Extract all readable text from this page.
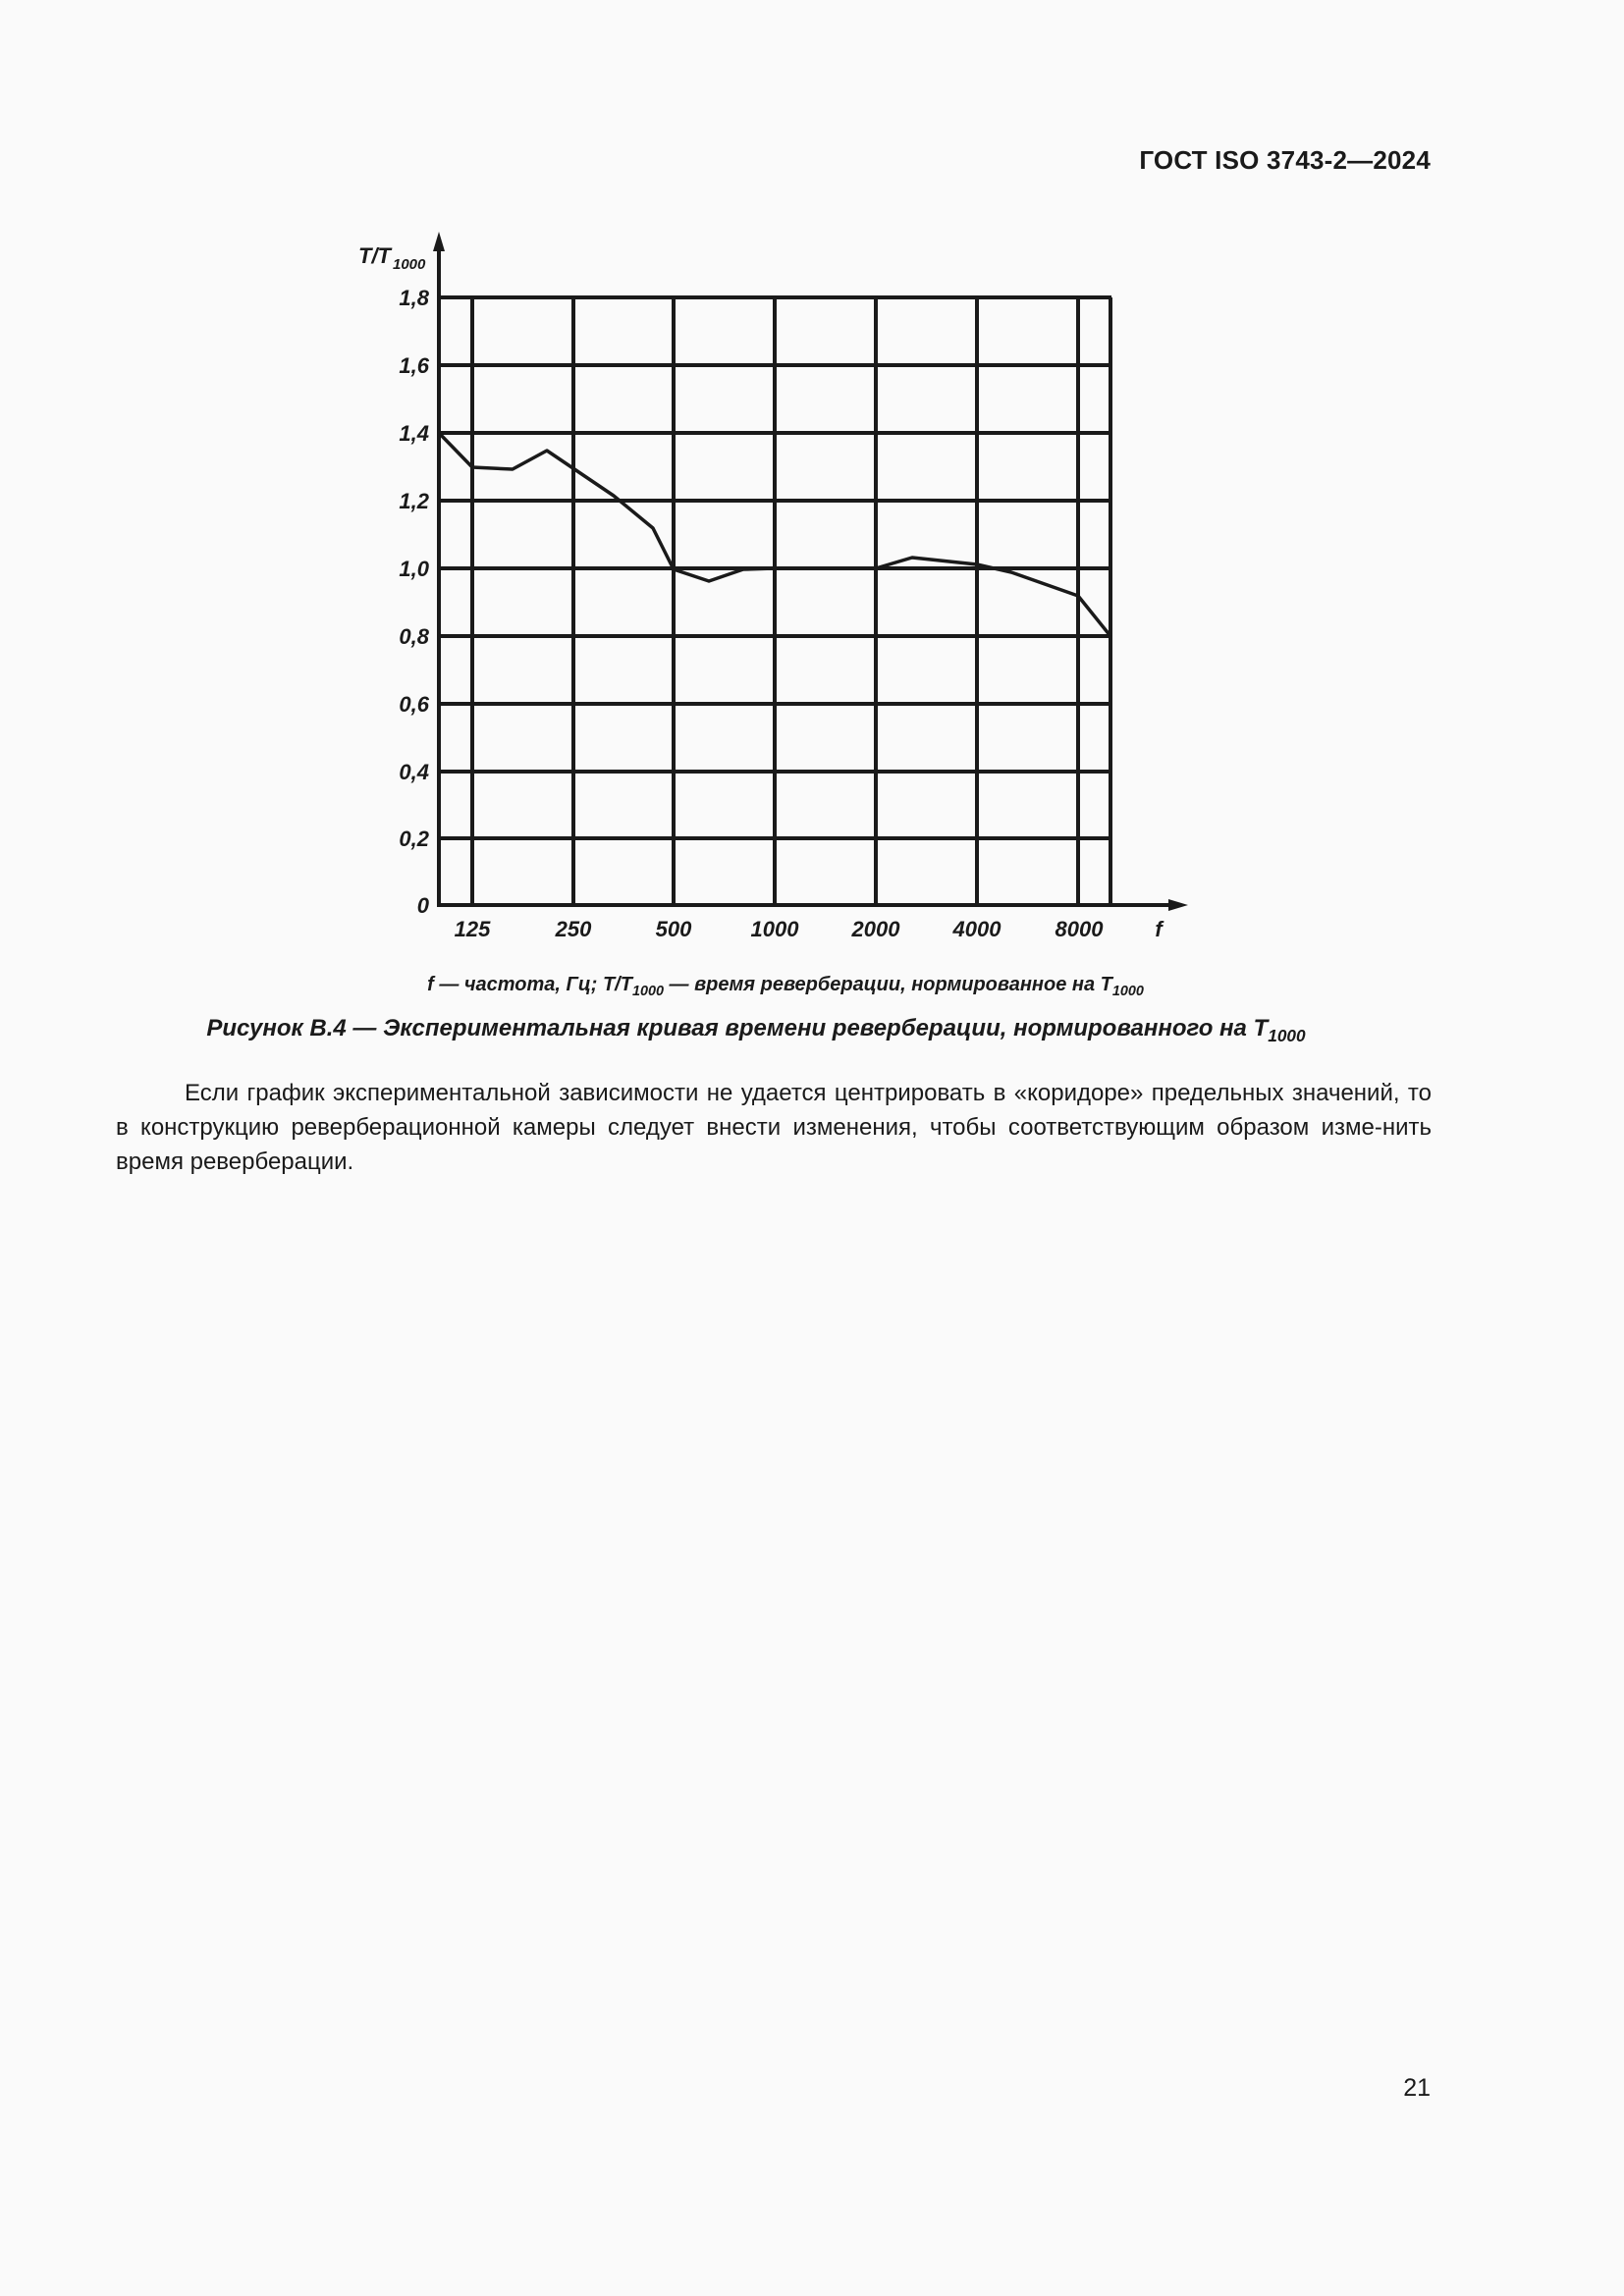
ГОСТ ISO 3743-2—2024
1,8
1,6
1,4
1,2
1,0
0,8
0,6
0,4
0,2
0
125	250	500	1000 2000 4000	8000 f
T/T $_{1000}$
f — частота, Гц; $T/T_{1000}$ — время реверберации, нормированное на $T_{1000}$
Рисунок В.4 — Экспериментальная кривая времени реверберации, нормированного на $T_{1000}$

Если график экспериментальной зависимости не удается центрировать в «коридоре» предельных значений, то в конструкцию реверберационной камеры следует внести изменения, чтобы соответствующим образом изме-нить время реверберации.

21
